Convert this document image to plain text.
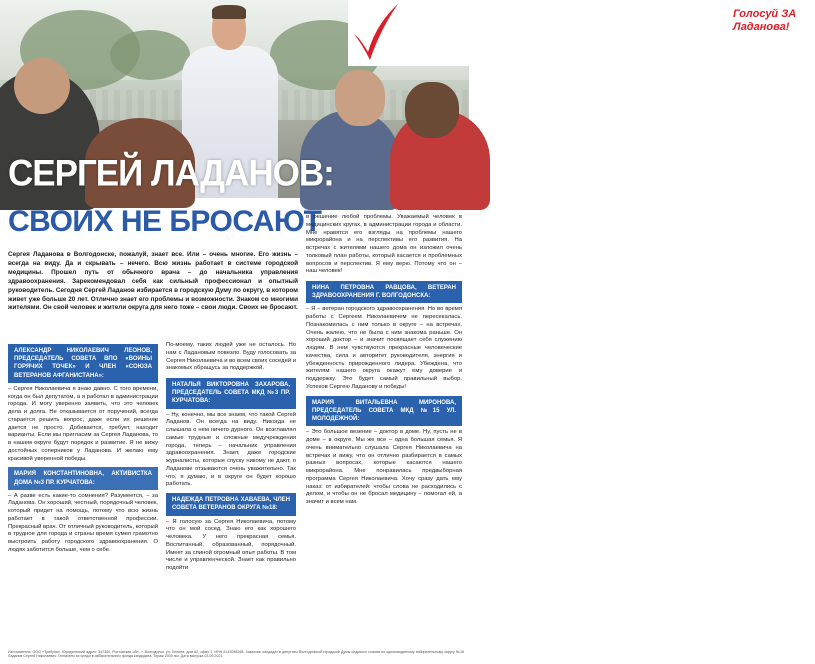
Голосуй ЗА
Ладанова!
СЕРГЕЙ ЛАДАНОВ:
СВОИХ НЕ БРОСАЮТ
Сергея Ладанова в Волгодонске, пожалуй, знает все. Или – очень многие. Его жизнь – всегда на виду. Да и скрывать – нечего. Всю жизнь работает в системе городской медицины. Прошел путь от обычного врача – до начальника управления здравоохранения. Зарекомендовал себя как сильный профессионал и опытный руководитель. Сегодня Сергей Ладанов избирается в городскую Думу по округу, в котором живет уже больше 20 лет. Отлично знает его проблемы и возможности. Знаком со многими жителями. Он свой человек и жители округа для него тоже – свои люди. Своих не бросают.
АЛЕКСАНДР НИКОЛАЕВИЧ ЛЕОНОВ, ПРЕДСЕДАТЕЛЬ СОВЕТА ВПО «ВОИНЫ ГОРЯЧИХ ТОЧЕК» И ЧЛЕН «СОЮЗА ВЕТЕРАНОВ АФГАНИСТАНА»:

– Сергея Николаевича я знаю давно. С того времени, когда он был депутатом, а я работал в администрации города. И могу уверенно заявить, что это человек дела и долга. Не отказывается от поручений, всегда старается решить вопрос, даже если их решение дается не просто. Добивается, требует, находит варианты. Если мы пригласим за Сергея Ладанова, то в нашем округе будут порядок и развитие. Я не вижу достойных соперников у Ладанова. И желаю ему красивой уверенной победы.

МАРИЯ КОНСТАНТИНОВНА, АКТИВИСТКА ДОМА №3 ПР. КУРЧАТОВА:

– А разве есть какие-то сомнения? Разумеется, – за Ладанова. Он хороший, честный, порядочный человек, который придет на помощь, потому что всю жизнь работает в такой ответственной профессии. Прекрасный врач. От отличный руководитель, который в трудное для города и страны время сумел грамотно выстроить работу городского здравоохранения. О людях заботится больше, чем о себе.

По-моему, таких людей уже не осталось. Но нам с Ладановым повезло. Буду голосовать за Сергея Николаевича и во всем своих соседей и знакомых обращусь за поддержкой.

НАТАЛЬЯ ВИКТОРОВНА ЗАХАРОВА, ПРЕДСЕДАТЕЛЬ СОВЕТА МКД №3 ПР. КУРЧАТОВА:

– Ну, конечно, мы все знаем, что такой Сергей Ладанов. Он всегда на виду. Никогда не слышала о нем ничего дурного. Он возглавлял самые трудные и сложные медучреждения города, теперь – начальник управления здравоохранения. Знает, даже городские журналисты, которые спуску никому не дают, о Ладанове отзываются очень уважительно. Так что, я думаю, и в округе он будет хорошо работать.

НАДЕЖДА ПЕТРОВНА ХАВАЕВА, ЧЛЕН СОВЕТА ВЕТЕРАНОВ ОКРУГА №18:

– Я голосую за Сергея Николаевича, потому что он мой сосед. Знаю его как хорошего человека. У него прекрасная семья. Воспитанный, образованный, порядочный. Имеет за спиной огромный опыт работы. В том числе и управленческой. Знает как правильно подойти

в решение любой проблемы. Уважаемый человек в медицинских кругах, в администрации города и области. Мне нравятся его взгляды на проблемы нашего микрорайона и на перспективы его развития. На встречах с жителями нашего дома он изложил очень толковый план работы, который касается и проблемных вопросов и перспектив. Я ему верю. Потому что он – наш человек!

НИНА ПЕТРОВНА РАВЦОВА, ВЕТЕРАН ЗДРАВООХРАНЕНИЯ Г. ВОЛГОДОНСКА:

– Я – ветеран городского здравоохранения. Но во время работы с Сергеем Николаевичем не пересекалась. Познакомилась с ним только в округе – на встречах. Очень жалею, что не была с ним знакома раньше. Он хороший доктор – и значит посвящает себя служению людям. В нем чувствуются прекрасные человеческие качества, сила и авторитет руководителя, энергия и убежденность прирожденного лидера. Убеждена, что жителям нашего округа окажут ему доверие и поддержку. Это будет самый правильный выбор. Успехов Сергею Ладанову и победы!

МАРИЯ ВИТАЛЬЕВНА МИРОНОВА, ПРЕДСЕДАТЕЛЬ СОВЕТА МКД №15 УЛ. МОЛОДЕЖНОЙ:

– Это большое везение – доктор в доме. Ну, пусть не в доме – в округе. Мы же все – одна большая семья. Я очень внимательно слушала Сергея Николаевича на встречах и вижу, что он отлично разбирается в самых разных вопросах, которые касаются нашего микрорайона. Мне понравилась предвыборная программа Сергея Николаевича. Хочу сразу дать ему наказ: от избирателей: чтобы слова не расходились с делом, и чтобы он не бросал медицину – помогал ей, а значит и всем нам.

Изготовитель: ООО «Трибуна». Юридический адрес: 347360, Ростовская обл., г. Волгодонск, ул. Ленина, дом 62, офис 1. ИНН 6143058268. Заказчик: кандидат в депутаты Волгодонской городской Думы седьмого созыва по одномандатному избирательному округу №18 Ладанов Сергей Николаевич. Оплачено из средств избирательного фонда кандидата. Тираж 2000 экз. Дата выпуска 03.09.2021.
